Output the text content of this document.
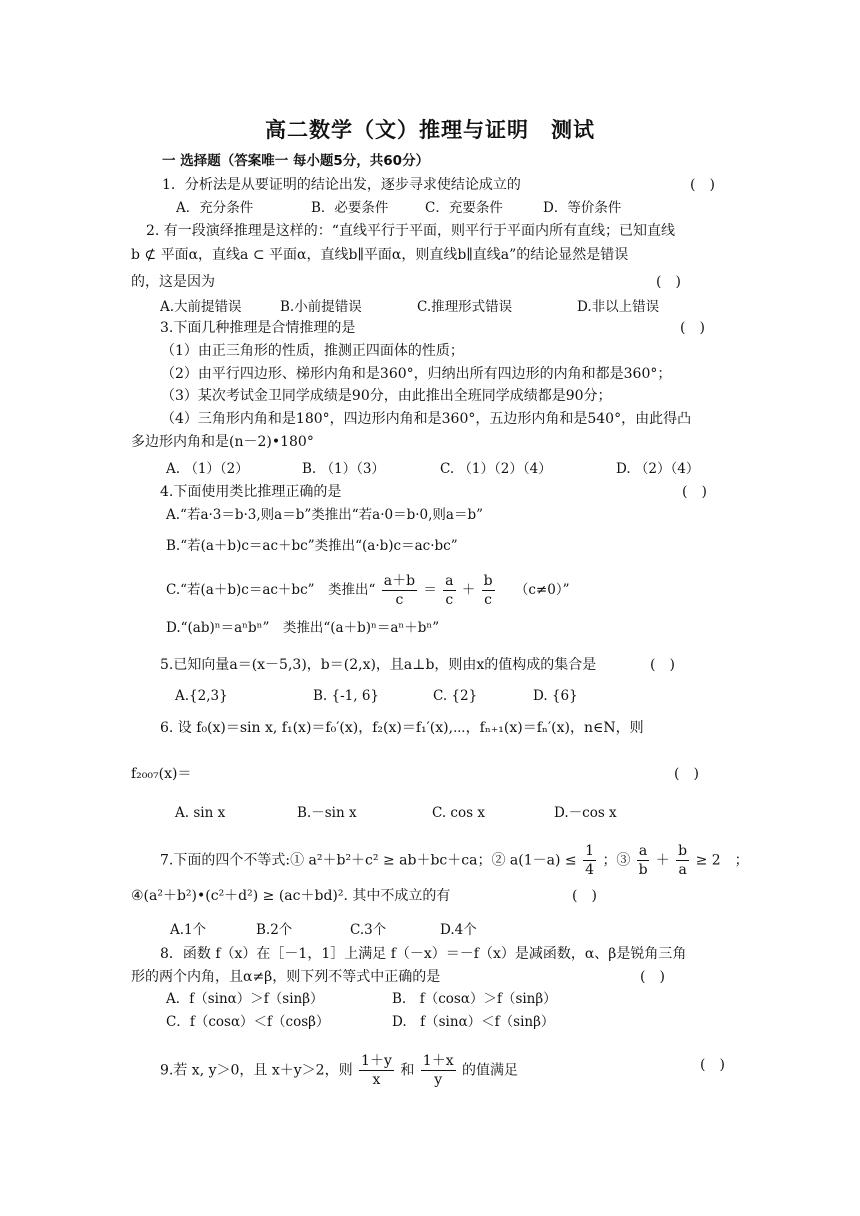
高二数学（文）推理与证明　测试
一 选择题（答案唯一 每小题5分，共60分）
1．分析法是从要证明的结论出发，逐步寻求使结论成立的	(　)
A．充分条件	B．必要条件	C．充要条件	D．等价条件
2. 有一段演绎推理是这样的：“直线平行于平面，则平行于平面内所有直线；已知直线
b ⊄ 平面α，直线a ⊂ 平面α，直线b∥平面α，则直线b∥直线a”的结论显然是错误
的，这是因为	(　)
A.大前提错误	B.小前提错误	C.推理形式错误	D.非以上错误
3.下面几种推理是合情推理的是	(　)
（1）由正三角形的性质，推测正四面体的性质；
（2）由平行四边形、梯形内角和是360°，归纳出所有四边形的内角和都是360°；
（3）某次考试金卫同学成绩是90分，由此推出全班同学成绩都是90分；
（4）三角形内角和是180°，四边形内角和是360°，五边形内角和是540°，由此得凸
多边形内角和是(n－2)•180°
A. （1）（2）	B. （1）（3）	C. （1）（2）（4）	D. （2）（4）
4.下面使用类比推理正确的是	(　)
A.“若a·3＝b·3,则a＝b”类推出“若a·0＝b·0,则a＝b”
B.“若(a＋b)c＝ac＋bc”类推出“(a·b)c＝ac·bc”
C.“若(a＋b)c＝ac＋bc”　类推出“ $\frac{a+b}{c} = \frac{a}{c} + \frac{b}{c} (c\ne 0)$”
D.“(ab)ⁿ＝aⁿbⁿ”　类推出“(a＋b)ⁿ＝aⁿ＋bⁿ”
5.已知向量a＝(x－5,3)，b＝(2,x)，且a⊥b，则由x的值构成的集合是	(　)
A.{2,3}	B. {-1, 6}	C. {2}	D. {6}
6. 设 f₀(x)＝sin x, f₁(x)＝f₀′(x)，f₂(x)＝f₁′(x),⋯，fₙ₊₁(x)＝fₙ′(x)，n∈N，则
f₂₀₀₇(x)＝	(　)
A. sin x	B.－sin x	C. cos x	D.－cos x
7.下面的四个不等式:① a²＋b²＋c² ≥ ab＋bc＋ca；② $a(1-a) \le \frac{1}{4}$ ；③ $\frac{a}{b} + \frac{b}{a} \ge 2$　；
④(a²＋b²)•(c²＋d²) ≥ (ac＋bd)². 其中不成立的有	(　)
A.1个	B.2个	C.3个	D.4个
8．函数 f（x）在［－1，1］上满足 f（－x）＝－f（x）是减函数，α、β是锐角三角
形的两个内角，且α≠β，则下列不等式中正确的是	(　)
A．f（sinα）＞f（sinβ）	B.　f（cosα）＞f（sinβ）
C．f（cosα）＜f（cosβ）	D.　f（sinα）＜f（sinβ）
9.若 x, y＞0，且 x＋y＞2，则 $\frac{1+y}{x}$ 和 $\frac{1+x}{y}$ 的值满足	(　)
